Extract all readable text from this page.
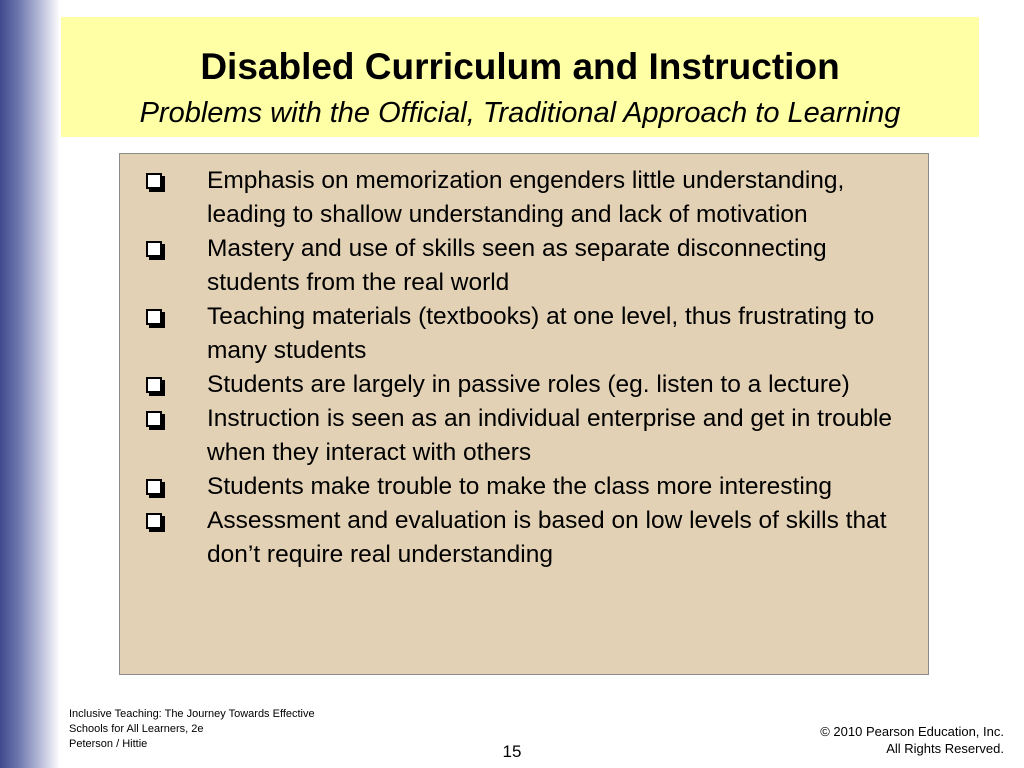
Disabled Curriculum and Instruction
Problems with the Official, Traditional Approach to Learning
Emphasis on memorization engenders little understanding, leading to shallow understanding and lack of motivation
Mastery and use of skills seen as separate disconnecting students from the real world
Teaching materials (textbooks) at one level, thus frustrating to many students
Students are largely in passive roles (eg. listen to a lecture)
Instruction is seen as an individual enterprise and get in trouble when they interact with others
Students make trouble to make the class more interesting
Assessment and evaluation is based on low levels of skills that don’t require real understanding
Inclusive Teaching: The Journey Towards Effective
Schools for All Learners, 2e
Peterson / Hittie	15
© 2010 Pearson Education, Inc.
All Rights Reserved.
